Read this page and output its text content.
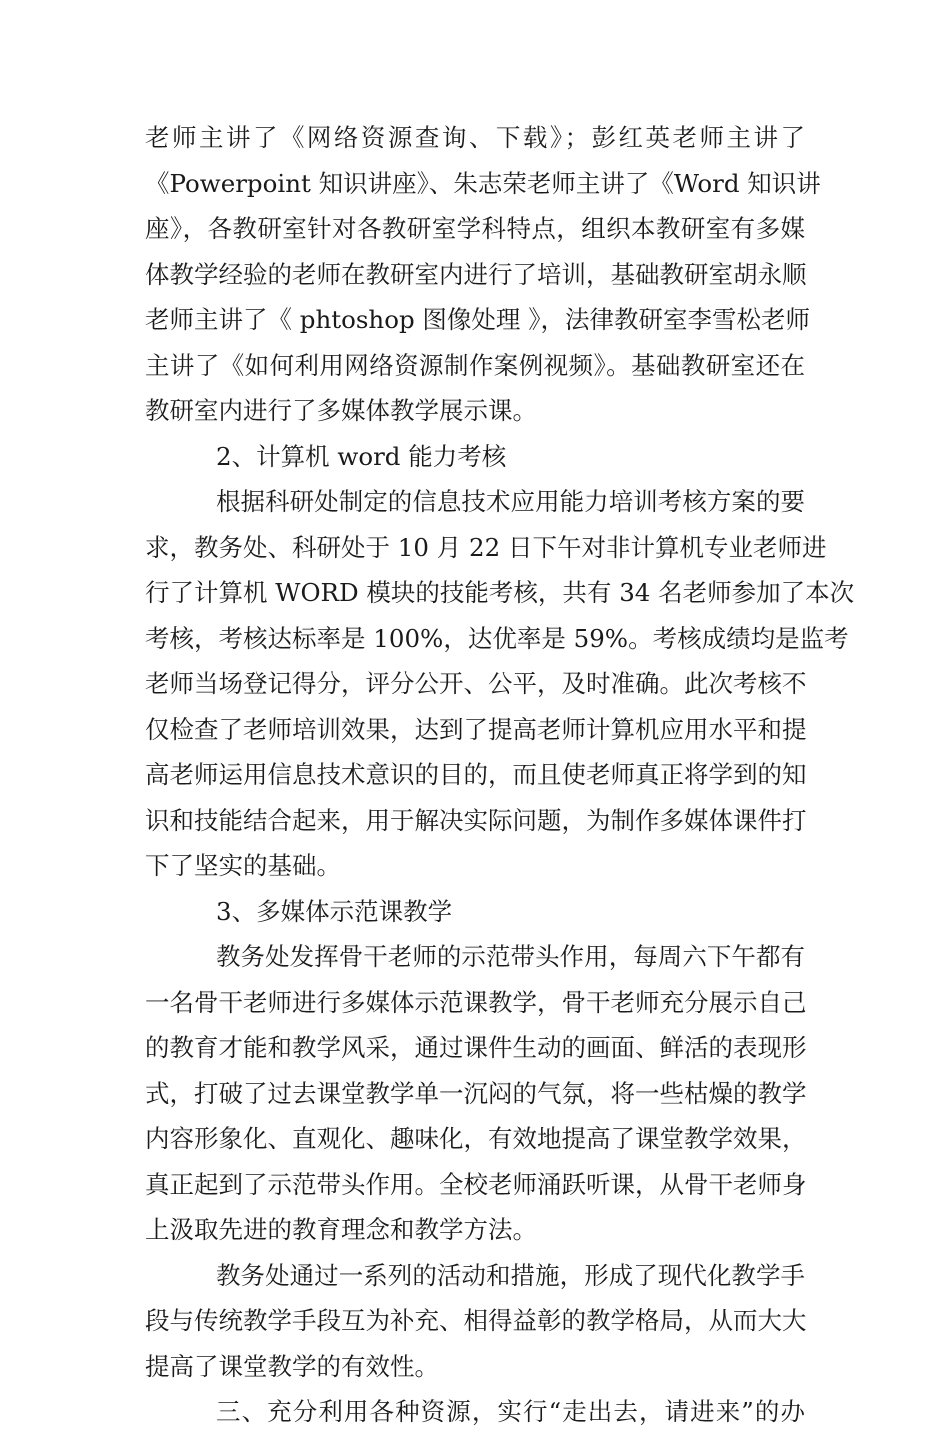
老师主讲了《网络资源查询、下载》；彭红英老师主讲了
《Powerpoint 知识讲座》、朱志荣老师主讲了《Word 知识讲
座》，各教研室针对各教研室学科特点，组织本教研室有多媒
体教学经验的老师在教研室内进行了培训，基础教研室胡永顺
老师主讲了《 phtoshop 图像处理 》，法律教研室李雪松老师
主讲了《如何利用网络资源制作案例视频》。基础教研室还在
教研室内进行了多媒体教学展示课。
2、计算机 word 能力考核
根据科研处制定的信息技术应用能力培训考核方案的要
求，教务处、科研处于 10 月 22 日下午对非计算机专业老师进
行了计算机 WORD 模块的技能考核，共有 34 名老师参加了本次
考核，考核达标率是 100%，达优率是 59%。考核成绩均是监考
老师当场登记得分，评分公开、公平，及时准确。此次考核不
仅检查了老师培训效果，达到了提高老师计算机应用水平和提
高老师运用信息技术意识的目的，而且使老师真正将学到的知
识和技能结合起来，用于解决实际问题，为制作多媒体课件打
下了坚实的基础。
3、多媒体示范课教学
教务处发挥骨干老师的示范带头作用，每周六下午都有
一名骨干老师进行多媒体示范课教学，骨干老师充分展示自己
的教育才能和教学风采，通过课件生动的画面、鲜活的表现形
式，打破了过去课堂教学单一沉闷的气氛，将一些枯燥的教学
内容形象化、直观化、趣味化，有效地提高了课堂教学效果，
真正起到了示范带头作用。全校老师涌跃听课，从骨干老师身
上汲取先进的教育理念和教学方法。
教务处通过一系列的活动和措施，形成了现代化教学手
段与传统教学手段互为补充、相得益彰的教学格局，从而大大
提高了课堂教学的有效性。
三、充分利用各种资源，实行“走出去，请进来”的办
